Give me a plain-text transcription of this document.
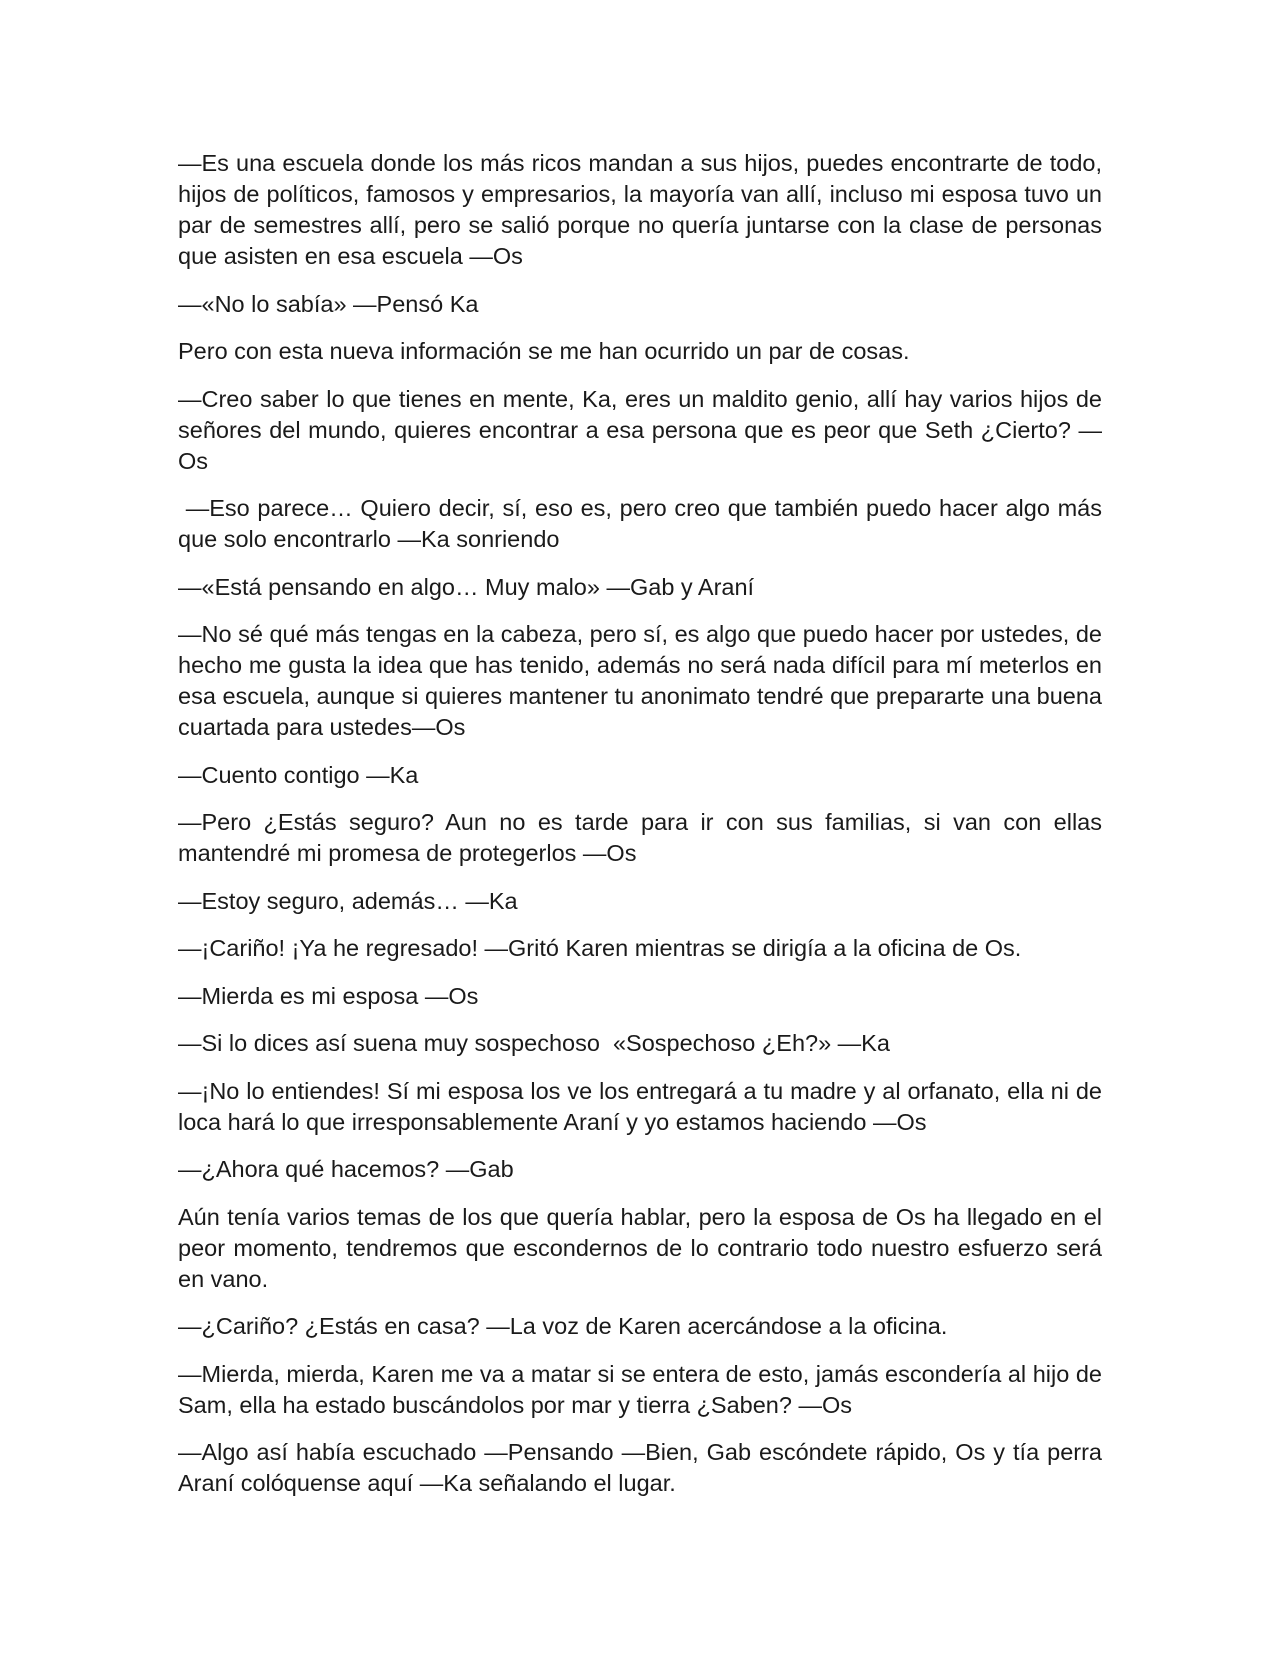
—Es una escuela donde los más ricos mandan a sus hijos, puedes encontrarte de todo, hijos de políticos, famosos y empresarios, la mayoría van allí, incluso mi esposa tuvo un par de semestres allí, pero se salió porque no quería juntarse con la clase de personas que asisten en esa escuela —Os

—«No lo sabía» —Pensó Ka

Pero con esta nueva información se me han ocurrido un par de cosas.

—Creo saber lo que tienes en mente, Ka, eres un maldito genio, allí hay varios hijos de señores del mundo, quieres encontrar a esa persona que es peor que Seth ¿Cierto? —Os

—Eso parece… Quiero decir, sí, eso es, pero creo que también puedo hacer algo más que solo encontrarlo —Ka sonriendo

—«Está pensando en algo… Muy malo» —Gab y Araní

—No sé qué más tengas en la cabeza, pero sí, es algo que puedo hacer por ustedes, de hecho me gusta la idea que has tenido, además no será nada difícil para mí meterlos en esa escuela, aunque si quieres mantener tu anonimato tendré que prepararte una buena cuartada para ustedes—Os

—Cuento contigo —Ka

—Pero ¿Estás seguro? Aun no es tarde para ir con sus familias, si van con ellas mantendré mi promesa de protegerlos —Os

—Estoy seguro, además… —Ka

—¡Cariño! ¡Ya he regresado! —Gritó Karen mientras se dirigía a la oficina de Os.

—Mierda es mi esposa —Os

—Si lo dices así suena muy sospechoso  «Sospechoso ¿Eh?» —Ka

—¡No lo entiendes! Sí mi esposa los ve los entregará a tu madre y al orfanato, ella ni de loca hará lo que irresponsablemente Araní y yo estamos haciendo —Os

—¿Ahora qué hacemos? —Gab

Aún tenía varios temas de los que quería hablar, pero la esposa de Os ha llegado en el peor momento, tendremos que escondernos de lo contrario todo nuestro esfuerzo será en vano.

—¿Cariño? ¿Estás en casa? —La voz de Karen acercándose a la oficina.

—Mierda, mierda, Karen me va a matar si se entera de esto, jamás escondería al hijo de Sam, ella ha estado buscándolos por mar y tierra ¿Saben? —Os

—Algo así había escuchado —Pensando —Bien, Gab escóndete rápido, Os y tía perra Araní colóquense aquí —Ka señalando el lugar.
